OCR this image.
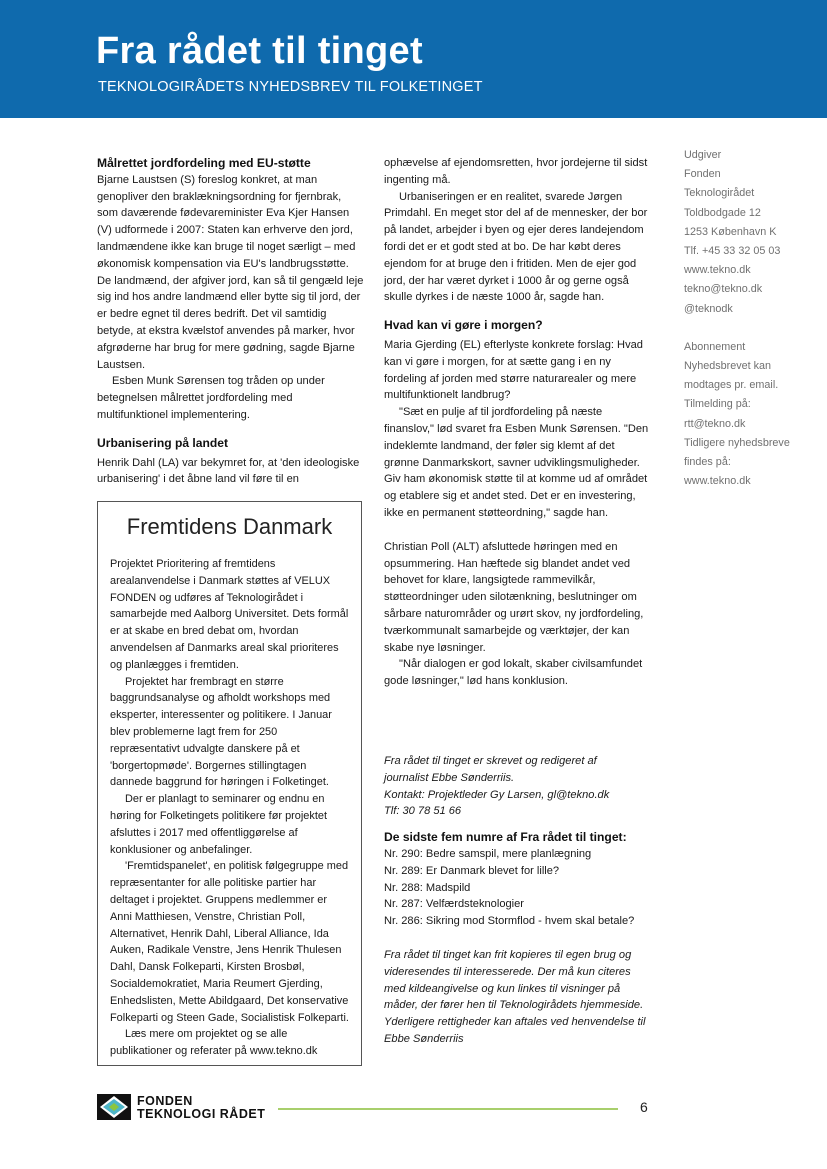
Fra rådet til tinget
TEKNOLOGIRÅDETS NYHEDSBREV TIL FOLKETINGET
Målrettet jordfordeling med EU-støtte

Bjarne Laustsen (S) foreslog konkret, at man genopliver den braklækningsordning for fjernbrak, som daværende fødevareminister Eva Kjer Hansen (V) udformede i 2007: Staten kan erhverve den jord, landmændene ikke kan bruge til noget særligt – med økonomisk kompensation via EU's landbrugsstøtte. De landmænd, der afgiver jord, kan så til gengæld leje sig ind hos andre landmænd eller bytte sig til jord, der er bedre egnet til deres bedrift. Det vil samtidig betyde, at ekstra kvælstof anvendes på marker, hvor afgrøderne har brug for mere gødning, sagde Bjarne Laustsen.

Esben Munk Sørensen tog tråden op under betegnelsen målrettet jordfordeling med multifunktionel implementering.

Urbanisering på landet

Henrik Dahl (LA) var bekymret for, at 'den ideologiske urbanisering' i det åbne land vil føre til en

Fremtidens Danmark

Projektet Prioritering af fremtidens arealanvendelse i Danmark støttes af VELUX FONDEN og udføres af Teknologirådet i samarbejde med Aalborg Universitet. Dets formål er at skabe en bred debat om, hvordan anvendelsen af Danmarks areal skal prioriteres og planlægges i fremtiden.

Projektet har frembragt en større baggrundsanalyse og afholdt workshops med eksperter, interessenter og politikere. I Januar blev problemerne lagt frem for 250 repræsentativt udvalgte danskere på et 'borgertopmøde'. Borgernes stillingtagen dannede baggrund for høringen i Folketinget.

Der er planlagt to seminarer og endnu en høring for Folketingets politikere før projektet afsluttes i 2017 med offentliggørelse af konklusioner og anbefalinger.

'Fremtidspanelet', en politisk følgegruppe med repræsentanter for alle politiske partier har deltaget i projektet. Gruppens medlemmer er Anni Matthiesen, Venstre, Christian Poll, Alternativet, Henrik Dahl, Liberal Alliance, Ida Auken, Radikale Venstre, Jens Henrik Thulesen Dahl, Dansk Folkeparti, Kirsten Brosbøl, Socialdemokratiet, Maria Reumert Gjerding, Enhedslisten, Mette Abildgaard, Det konservative Folkeparti og Steen Gade, Socialistisk Folkeparti.

Læs mere om projektet og se alle publikationer og referater på www.tekno.dk

ophævelse af ejendomsretten, hvor jordejerne til sidst ingenting må.

Urbaniseringen er en realitet, svarede Jørgen Primdahl. En meget stor del af de mennesker, der bor på landet, arbejder i byen og ejer deres landejendom fordi det er et godt sted at bo. De har købt deres ejendom for at bruge den i fritiden. Men de ejer god jord, der har været dyrket i 1000 år og gerne også skulle dyrkes i de næste 1000 år, sagde han.

Hvad kan vi gøre i morgen?

Maria Gjerding (EL) efterlyste konkrete forslag: Hvad kan vi gøre i morgen, for at sætte gang i en ny fordeling af jorden med større naturarealer og mere multifunktionelt landbrug?

"Sæt en pulje af til jordfordeling på næste finanslov," lød svaret fra Esben Munk Sørensen. "Den indeklemte landmand, der føler sig klemt af det grønne Danmarkskort, savner udviklingsmuligheder. Giv ham økonomisk støtte til at komme ud af området og etablere sig et andet sted. Det er en investering, ikke en permanent støtteordning," sagde han.

Christian Poll (ALT) afsluttede høringen med en opsummering. Han hæftede sig blandet andet ved behovet for klare, langsigtede rammevilkår, støtteordninger uden silotænkning, beslutninger om sårbare naturområder og urørt skov, ny jordfordeling, tværkommunalt samarbejde og værktøjer, der kan skabe nye løsninger.

"Når dialogen er god lokalt, skaber civilsamfundet gode løsninger," lød hans konklusion.

Fra rådet til tinget er skrevet og redigeret af

journalist Ebbe Sønderriis.

Kontakt: Projektleder Gy Larsen, gl@tekno.dk

Tlf: 30 78 51 66

De sidste fem numre af Fra rådet til tinget:

Nr. 290: Bedre samspil, mere planlægning

Nr. 289: Er Danmark blevet for lille?

Nr. 288: Madspild

Nr. 287: Velfærdsteknologier

Nr. 286: Sikring mod Stormflod - hvem skal betale?

Fra rådet til tinget kan frit kopieres til egen brug og videresendes til interesserede. Der må kun citeres med kildeangivelse og kun linkes til visninger på måder, der fører hen til Teknologirådets hjemmeside. Yderligere rettigheder kan aftales ved henvendelse til Ebbe Sønderriis

Udgiver

Fonden

Teknologirådet

Toldbodgade 12

1253 København K

Tlf. +45 33 32 05 03

www.tekno.dk

tekno@tekno.dk

@teknodk

Abonnement

Nyhedsbrevet kan

modtages pr. email.

Tilmelding på:

rtt@tekno.dk

Tidligere nyhedsbreve

findes på:

www.tekno.dk

FONDEN
TEKNOLOGI RÅDET	6
